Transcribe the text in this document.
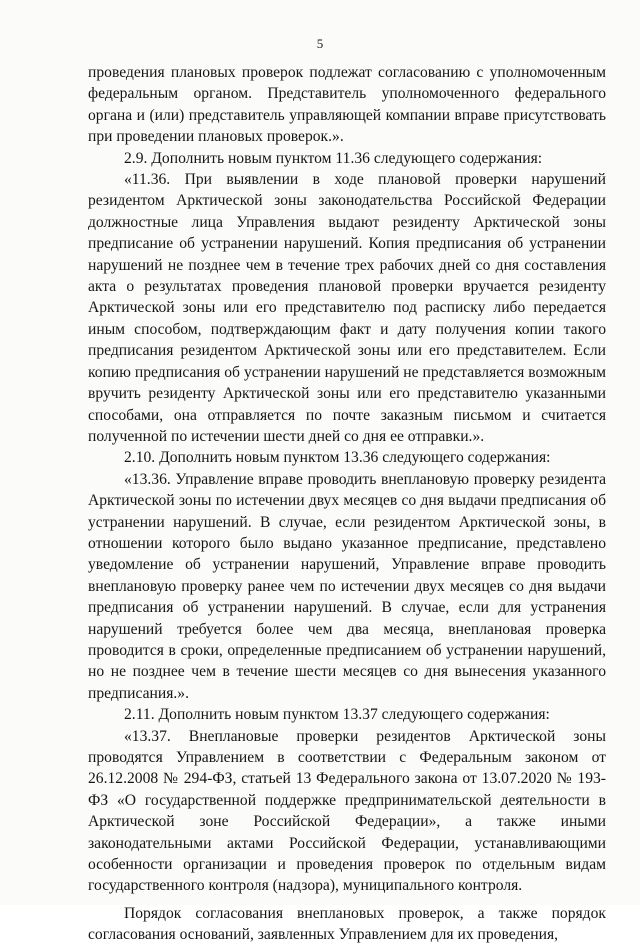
5

проведения плановых проверок подлежат согласованию с уполномоченным федеральным органом. Представитель уполномоченного федерального органа и (или) представитель управляющей компании вправе присутствовать при проведении плановых проверок.».

2.9. Дополнить новым пунктом 11.36 следующего содержания:

«11.36. При выявлении в ходе плановой проверки нарушений резидентом Арктической зоны законодательства Российской Федерации должностные лица Управления выдают резиденту Арктической зоны предписание об устранении нарушений. Копия предписания об устранении нарушений не позднее чем в течение трех рабочих дней со дня составления акта о результатах проведения плановой проверки вручается резиденту Арктической зоны или его представителю под расписку либо передается иным способом, подтверждающим факт и дату получения копии такого предписания резидентом Арктической зоны или его представителем. Если копию предписания об устранении нарушений не представляется возможным вручить резиденту Арктической зоны или его представителю указанными способами, она отправляется по почте заказным письмом и считается полученной по истечении шести дней со дня ее отправки.».

2.10. Дополнить новым пунктом 13.36 следующего содержания:

«13.36. Управление вправе проводить внеплановую проверку резидента Арктической зоны по истечении двух месяцев со дня выдачи предписания об устранении нарушений. В случае, если резидентом Арктической зоны, в отношении которого было выдано указанное предписание, представлено уведомление об устранении нарушений, Управление вправе проводить внеплановую проверку ранее чем по истечении двух месяцев со дня выдачи предписания об устранении нарушений. В случае, если для устранения нарушений требуется более чем два месяца, внеплановая проверка проводится в сроки, определенные предписанием об устранении нарушений, но не позднее чем в течение шести месяцев со дня вынесения указанного предписания.».

2.11. Дополнить новым пунктом 13.37 следующего содержания:

«13.37. Внеплановые проверки резидентов Арктической зоны проводятся Управлением в соответствии с Федеральным законом от 26.12.2008 № 294-ФЗ, статьей 13 Федерального закона от 13.07.2020 № 193-ФЗ «О государственной поддержке предпринимательской деятельности в Арктической зоне Российской Федерации», а также иными законодательными актами Российской Федерации, устанавливающими особенности организации и проведения проверок по отдельным видам государственного контроля (надзора), муниципального контроля.

Порядок согласования внеплановых проверок, а также порядок согласования оснований, заявленных Управлением для их проведения,
